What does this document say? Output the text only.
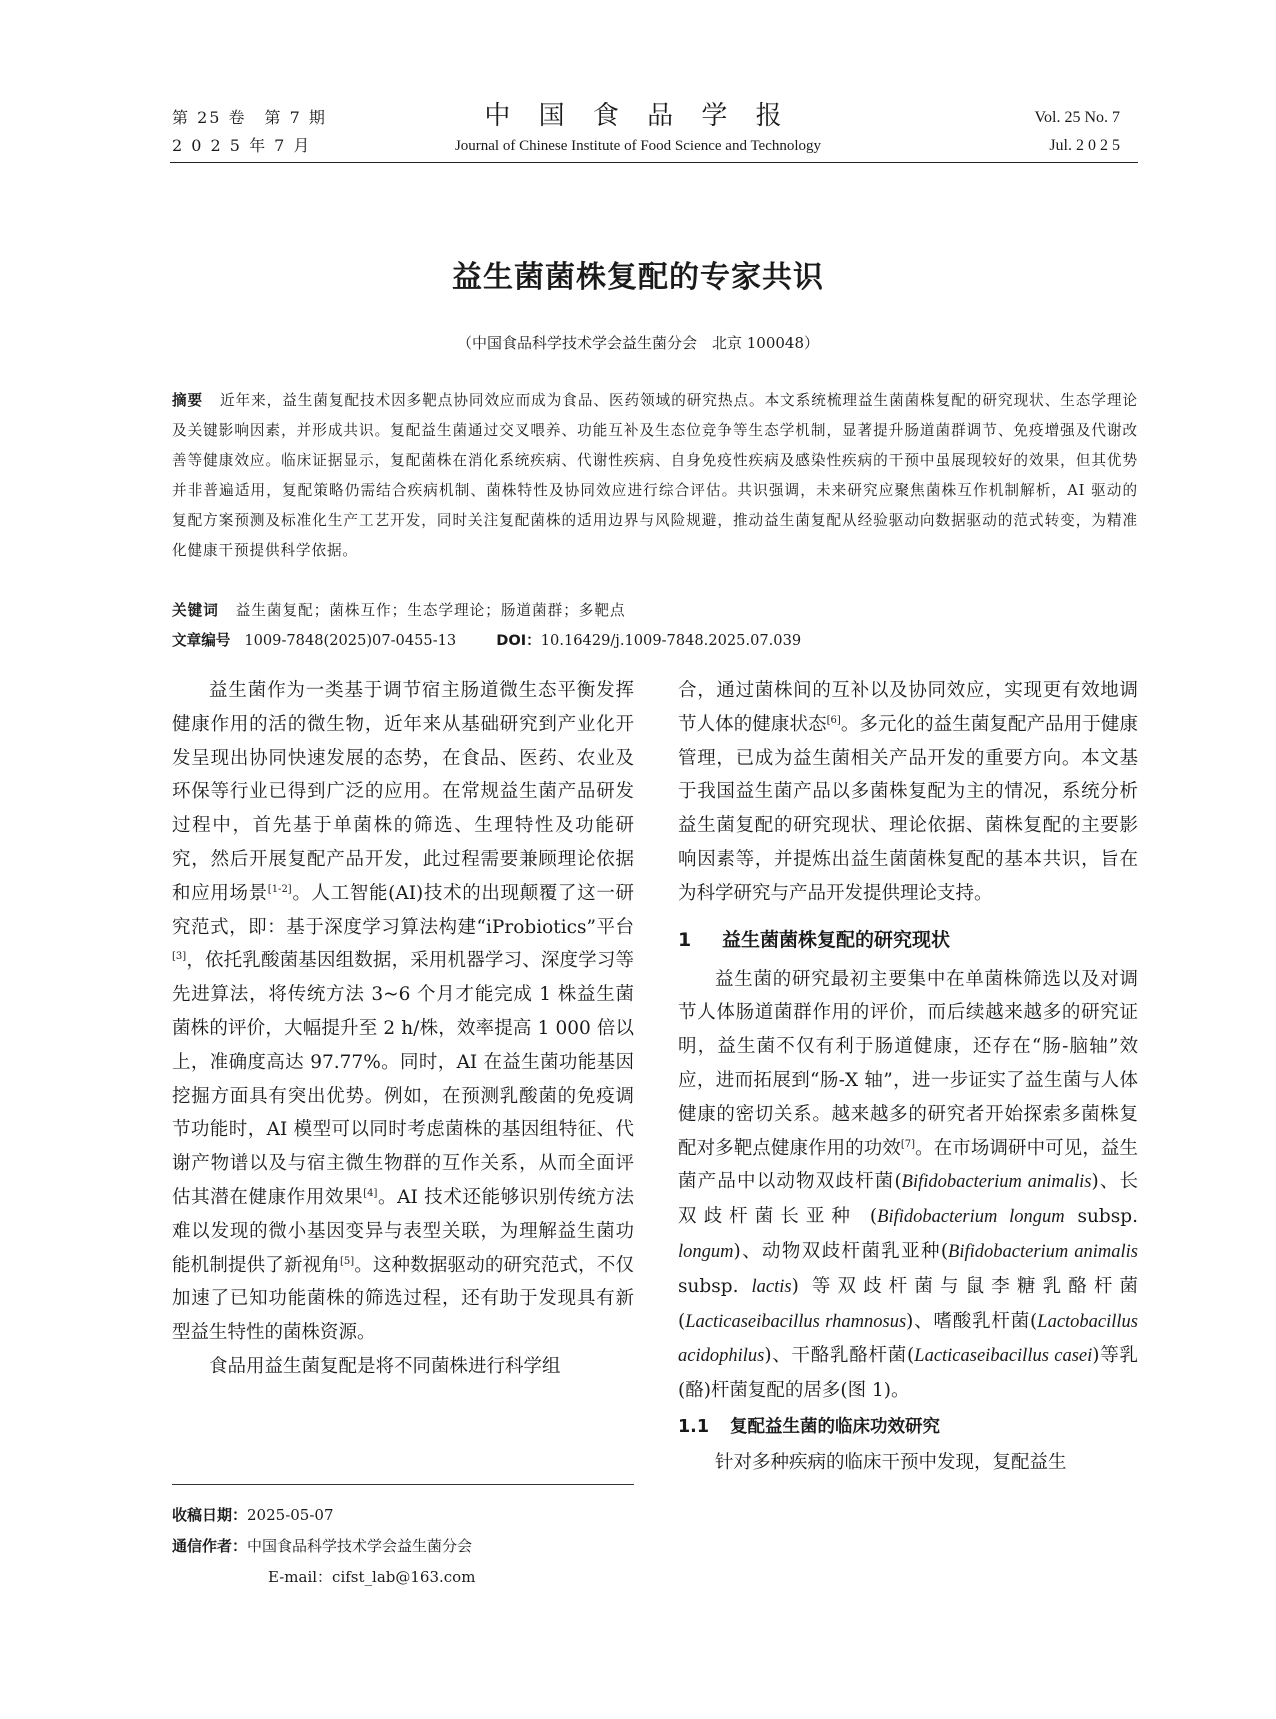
第 25 卷　第 7 期
2 0 2 5 年 7 月
中 国 食 品 学 报
Journal of Chinese Institute of Food Science and Technology
Vol. 25 No. 7
Jul. 2 0 2 5
益生菌菌株复配的专家共识
（中国食品科学技术学会益生菌分会　北京 100048）
摘要 近年来，益生菌复配技术因多靶点协同效应而成为食品、医药领域的研究热点。本文系统梳理益生菌菌株复配的研究现状、生态学理论及关键影响因素，并形成共识。复配益生菌通过交叉喂养、功能互补及生态位竞争等生态学机制，显著提升肠道菌群调节、免疫增强及代谢改善等健康效应。临床证据显示，复配菌株在消化系统疾病、代谢性疾病、自身免疫性疾病及感染性疾病的干预中虽展现较好的效果，但其优势并非普遍适用，复配策略仍需结合疾病机制、菌株特性及协同效应进行综合评估。共识强调，未来研究应聚焦菌株互作机制解析，AI 驱动的复配方案预测及标准化生产工艺开发，同时关注复配菌株的适用边界与风险规避，推动益生菌复配从经验驱动向数据驱动的范式转变，为精准化健康干预提供科学依据。
关键词 益生菌复配；菌株互作；生态学理论；肠道菌群；多靶点
文章编号 1009-7848(2025)07-0455-13	DOI：10.16429/j.1009-7848.2025.07.039

益生菌作为一类基于调节宿主肠道微生态平衡发挥健康作用的活的微生物，近年来从基础研究到产业化开发呈现出协同快速发展的态势，在食品、医药、农业及环保等行业已得到广泛的应用。在常规益生菌产品研发过程中，首先基于单菌株的筛选、生理特性及功能研究，然后开展复配产品开发，此过程需要兼顾理论依据和应用场景[1-2]。人工智能(AI)技术的出现颠覆了这一研究范式，即：基于深度学习算法构建“iProbiotics”平台[3]，依托乳酸菌基因组数据，采用机器学习、深度学习等先进算法，将传统方法 3~6 个月才能完成 1 株益生菌菌株的评价，大幅提升至 2 h/株，效率提高 1 000 倍以上，准确度高达 97.77%。同时，AI 在益生菌功能基因挖掘方面具有突出优势。例如，在预测乳酸菌的免疫调节功能时，AI 模型可以同时考虑菌株的基因组特征、代谢产物谱以及与宿主微生物群的互作关系，从而全面评估其潜在健康作用效果[4]。AI 技术还能够识别传统方法难以发现的微小基因变异与表型关联，为理解益生菌功能机制提供了新视角[5]。这种数据驱动的研究范式，不仅加速了已知功能菌株的筛选过程，还有助于发现具有新型益生特性的菌株资源。

食品用益生菌复配是将不同菌株进行科学组

合，通过菌株间的互补以及协同效应，实现更有效地调节人体的健康状态[6]。多元化的益生菌复配产品用于健康管理，已成为益生菌相关产品开发的重要方向。本文基于我国益生菌产品以多菌株复配为主的情况，系统分析益生菌复配的研究现状、理论依据、菌株复配的主要影响因素等，并提炼出益生菌菌株复配的基本共识，旨在为科学研究与产品开发提供理论支持。

1 益生菌菌株复配的研究现状

益生菌的研究最初主要集中在单菌株筛选以及对调节人体肠道菌群作用的评价，而后续越来越多的研究证明，益生菌不仅有利于肠道健康，还存在“肠-脑轴”效应，进而拓展到“肠-X 轴”，进一步证实了益生菌与人体健康的密切关系。越来越多的研究者开始探索多菌株复配对多靶点健康作用的功效[7]。在市场调研中可见，益生菌产品中以动物双歧杆菌(Bifidobacterium animalis)、长双歧杆菌长亚种 (Bifidobacterium longum subsp. longum)、动物双歧杆菌乳亚种(Bifidobacterium animalis subsp. lactis) 等双歧杆菌与鼠李糖乳酪杆菌(Lacticaseibacillus rhamnosus)、嗜酸乳杆菌(Lactobacillus acidophilus)、干酪乳酪杆菌(Lacticaseibacillus casei)等乳(酪)杆菌复配的居多(图 1)。

1.1 复配益生菌的临床功效研究

针对多种疾病的临床干预中发现，复配益生

收稿日期：2025-05-07
通信作者：中国食品科学技术学会益生菌分会
E-mail：cifst_lab@163.com
